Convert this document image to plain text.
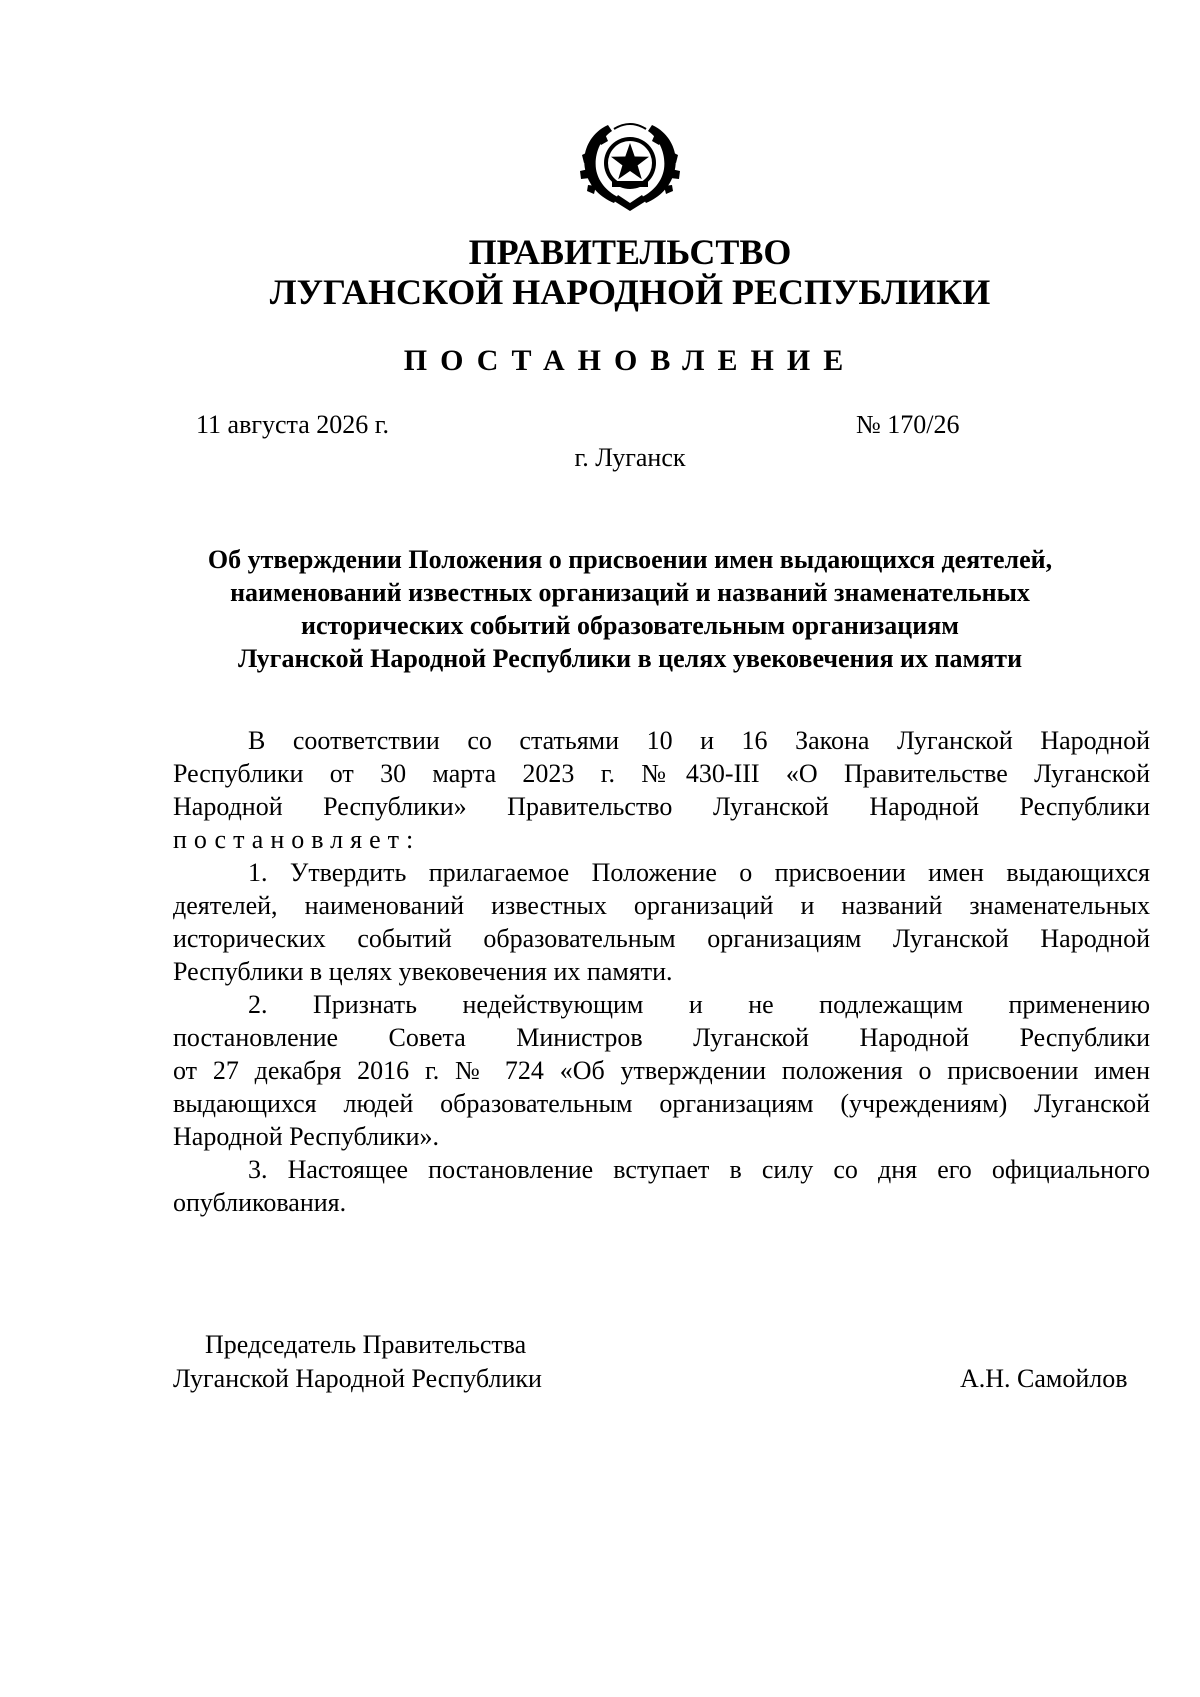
ПРАВИТЕЛЬСТВО
ЛУГАНСКОЙ НАРОДНОЙ РЕСПУБЛИКИ
ПОСТАНОВЛЕНИЕ
11 августа 2026 г.	№ 170/26
г. Луганск

Об утверждении Положения о присвоении имен выдающихся деятелей,

наименований известных организаций и названий знаменательных

исторических событий образовательным организациям

Луганской Народной Республики в целях увековечения их памяти

В соответствии со статьями 10 и 16 Закона Луганской Народной

Республики от 30 марта 2023 г. №430-III «О Правительстве Луганской

Народной Республики» Правительство Луганской Народной Республики

постановляет:

1. Утвердить прилагаемое Положение о присвоении имен выдающихся

деятелей, наименований известных организаций и названий знаменательных

исторических событий образовательным организациям Луганской Народной

Республики в целях увековечения их памяти.

2. Признать недействующим и не подлежащим применению

постановление Совета Министров Луганской Народной Республики

от 27 декабря 2016 г. № 724 «Об утверждении положения о присвоении имен

выдающихся людей образовательным организациям (учреждениям) Луганской

Народной Республики».

3. Настоящее постановление вступает в силу со дня его официального

опубликования.

Председатель Правительства
Луганской Народной Республики	А.Н. Самойлов
